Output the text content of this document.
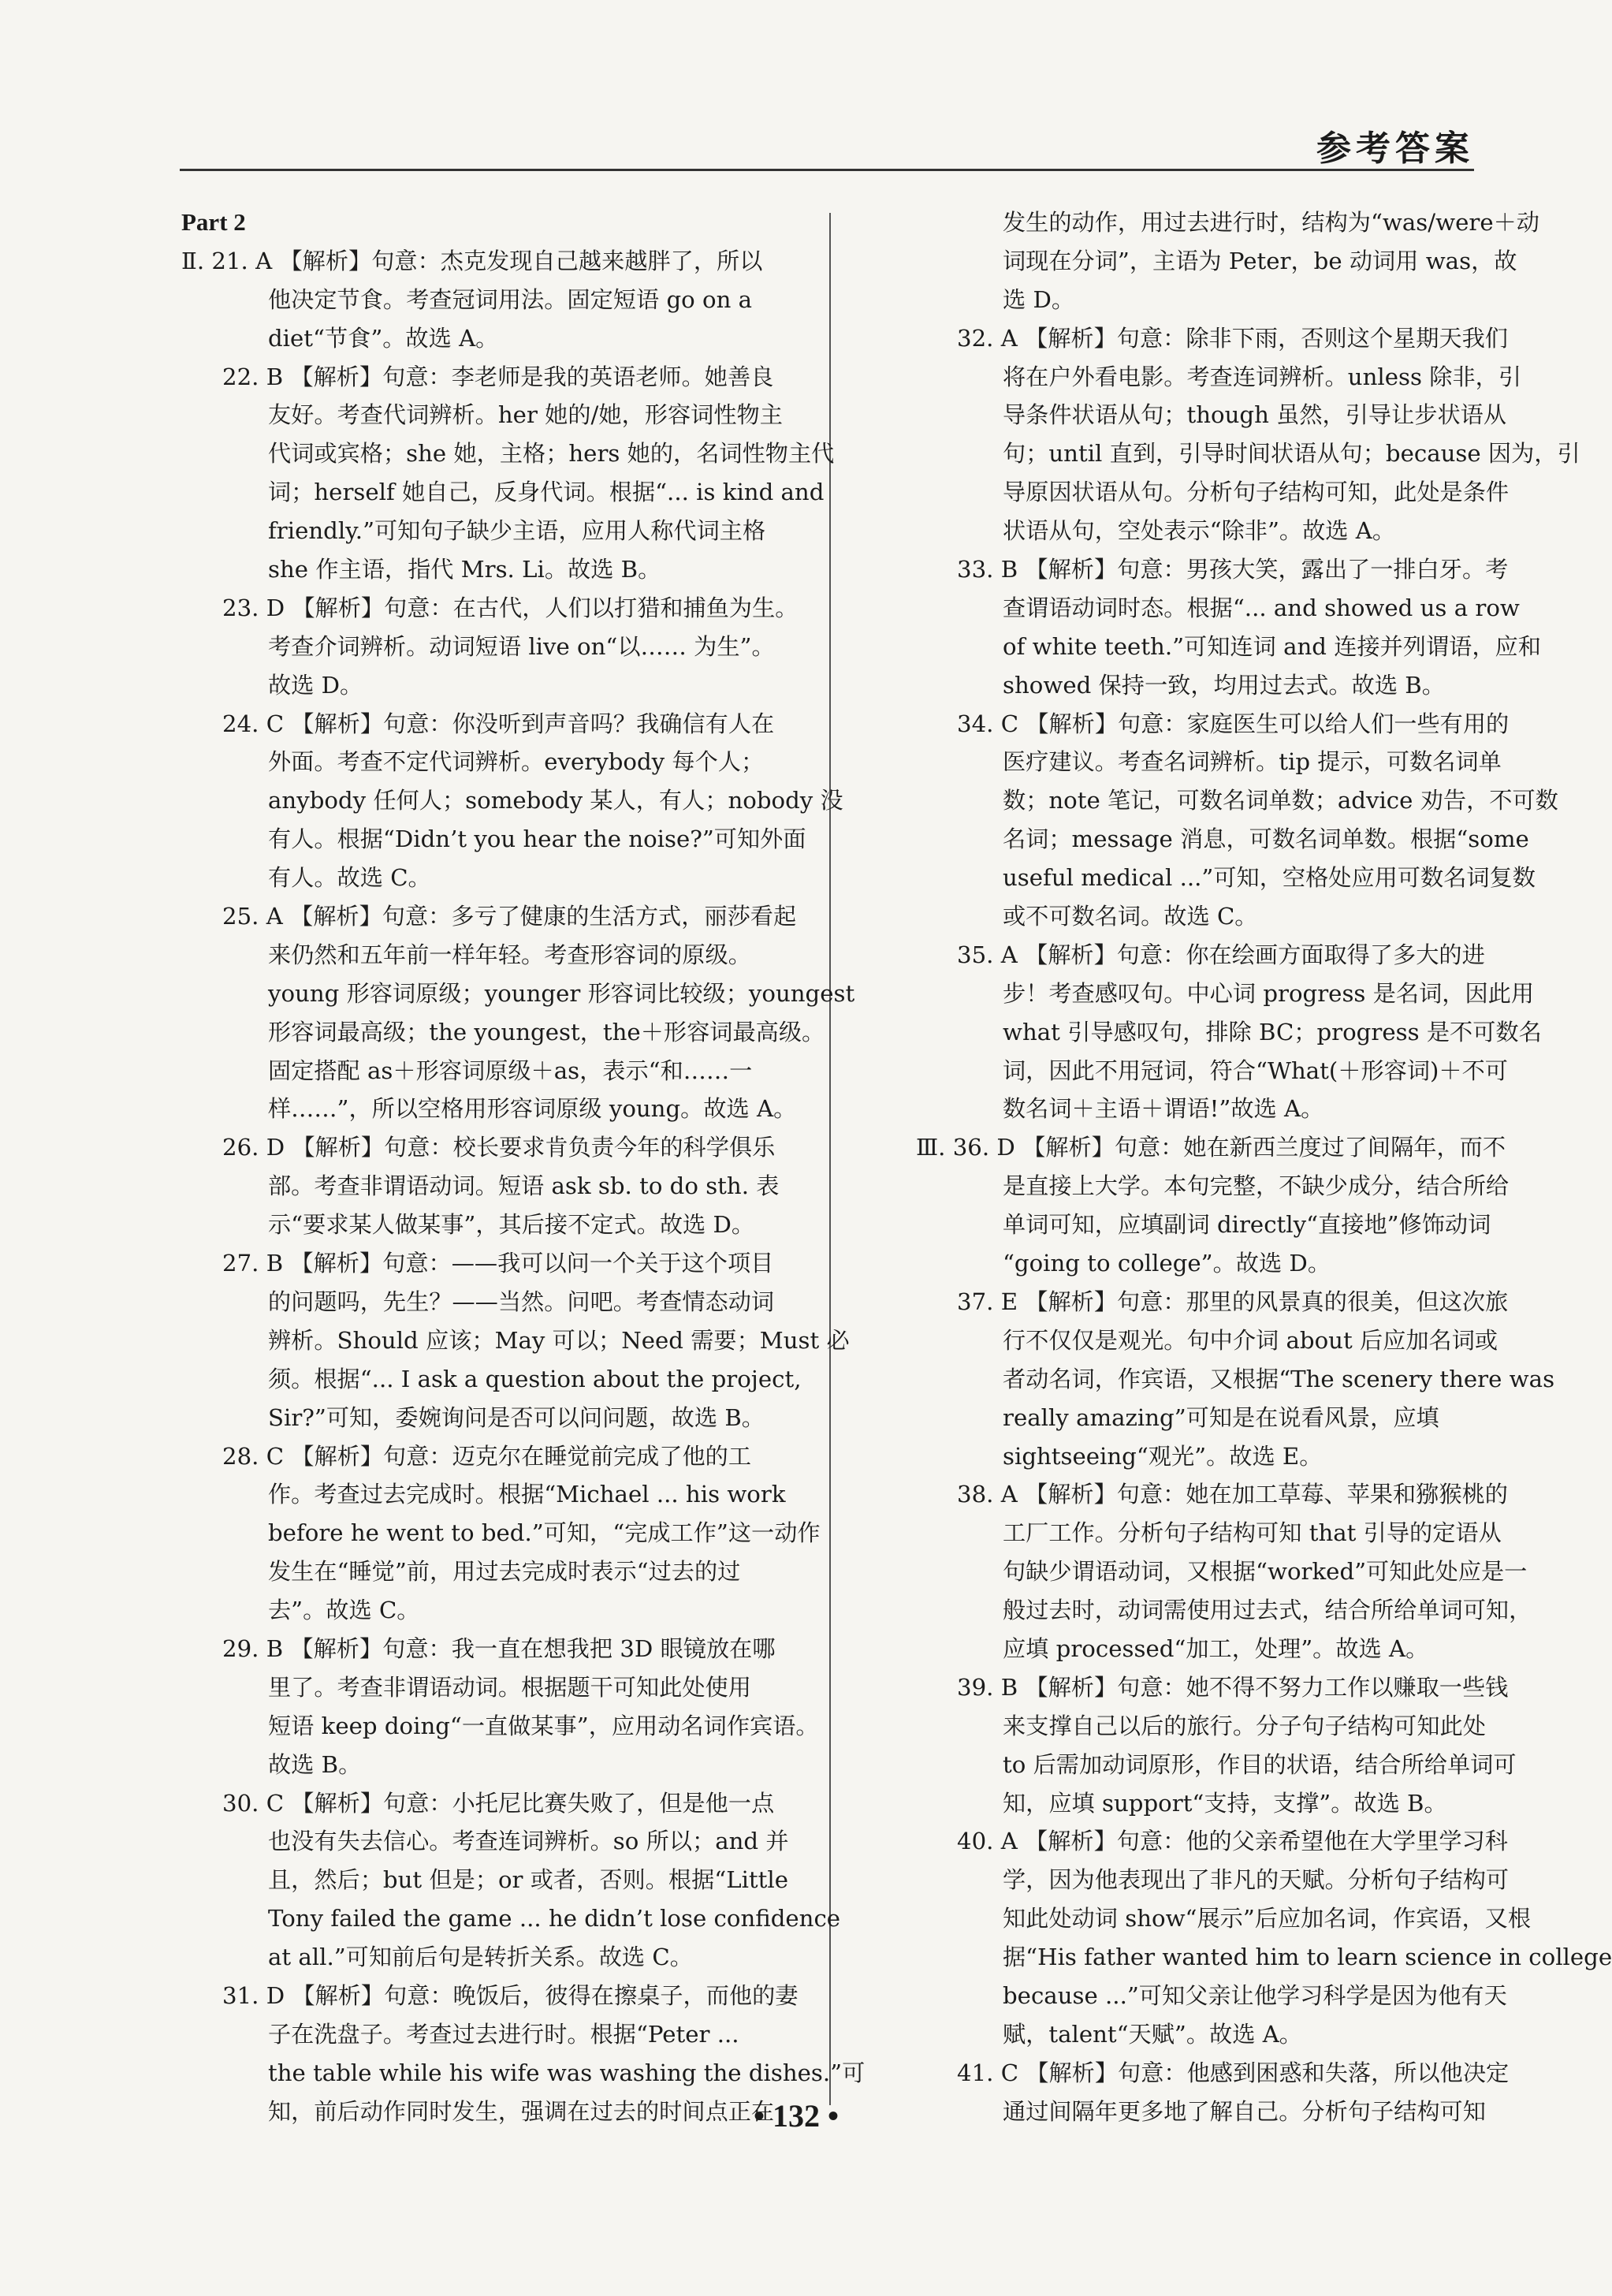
参考答案
Part 2
Ⅱ. 21. A 【解析】句意：杰克发现自己越来越胖了，所以
他决定节食。考查冠词用法。固定短语 go on a
diet“节食”。故选 A。
22. B 【解析】句意：李老师是我的英语老师。她善良
友好。考查代词辨析。her 她的/她，形容词性物主
代词或宾格；she 她，主格；hers 她的，名词性物主代
词；herself 她自己，反身代词。根据“... is kind and
friendly.”可知句子缺少主语，应用人称代词主格
she 作主语，指代 Mrs. Li。故选 B。
23. D 【解析】句意：在古代，人们以打猎和捕鱼为生。
考查介词辨析。动词短语 live on“以…… 为生”。
故选 D。
24. C 【解析】句意：你没听到声音吗？我确信有人在
外面。考查不定代词辨析。everybody 每个人；
anybody 任何人；somebody 某人，有人；nobody 没
有人。根据“Didn’t you hear the noise?”可知外面
有人。故选 C。
25. A 【解析】句意：多亏了健康的生活方式，丽莎看起
来仍然和五年前一样年轻。考查形容词的原级。
young 形容词原级；younger 形容词比较级；youngest
形容词最高级；the youngest，the＋形容词最高级。
固定搭配 as＋形容词原级＋as，表示“和……一
样……”，所以空格用形容词原级 young。故选 A。
26. D 【解析】句意：校长要求肯负责今年的科学俱乐
部。考查非谓语动词。短语 ask sb. to do sth. 表
示“要求某人做某事”，其后接不定式。故选 D。
27. B 【解析】句意：——我可以问一个关于这个项目
的问题吗，先生？——当然。问吧。考查情态动词
辨析。Should 应该；May 可以；Need 需要；Must 必
须。根据“... I ask a question about the project,
Sir?”可知，委婉询问是否可以问问题，故选 B。
28. C 【解析】句意：迈克尔在睡觉前完成了他的工
作。考查过去完成时。根据“Michael ... his work
before he went to bed.”可知，“完成工作”这一动作
发生在“睡觉”前，用过去完成时表示“过去的过
去”。故选 C。
29. B 【解析】句意：我一直在想我把 3D 眼镜放在哪
里了。考查非谓语动词。根据题干可知此处使用
短语 keep doing“一直做某事”，应用动名词作宾语。
故选 B。
30. C 【解析】句意：小托尼比赛失败了，但是他一点
也没有失去信心。考查连词辨析。so 所以；and 并
且，然后；but 但是；or 或者，否则。根据“Little
Tony failed the game ... he didn’t lose confidence
at all.”可知前后句是转折关系。故选 C。
31. D 【解析】句意：晚饭后，彼得在擦桌子，而他的妻
子在洗盘子。考查过去进行时。根据“Peter ...
the table while his wife was washing the dishes.”可
知，前后动作同时发生，强调在过去的时间点正在
发生的动作，用过去进行时，结构为“was/were＋动
词现在分词”，主语为 Peter，be 动词用 was，故
选 D。
32. A 【解析】句意：除非下雨，否则这个星期天我们
将在户外看电影。考查连词辨析。unless 除非，引
导条件状语从句；though 虽然，引导让步状语从
句；until 直到，引导时间状语从句；because 因为，引
导原因状语从句。分析句子结构可知，此处是条件
状语从句，空处表示“除非”。故选 A。
33. B 【解析】句意：男孩大笑，露出了一排白牙。考
查谓语动词时态。根据“... and showed us a row
of white teeth.”可知连词 and 连接并列谓语，应和
showed 保持一致，均用过去式。故选 B。
34. C 【解析】句意：家庭医生可以给人们一些有用的
医疗建议。考查名词辨析。tip 提示，可数名词单
数；note 笔记，可数名词单数；advice 劝告，不可数
名词；message 消息，可数名词单数。根据“some
useful medical ...”可知，空格处应用可数名词复数
或不可数名词。故选 C。
35. A 【解析】句意：你在绘画方面取得了多大的进
步！考查感叹句。中心词 progress 是名词，因此用
what 引导感叹句，排除 BC；progress 是不可数名
词，因此不用冠词，符合“What(＋形容词)＋不可
数名词＋主语＋谓语!”故选 A。
Ⅲ. 36. D 【解析】句意：她在新西兰度过了间隔年，而不
是直接上大学。本句完整，不缺少成分，结合所给
单词可知，应填副词 directly“直接地”修饰动词
“going to college”。故选 D。
37. E 【解析】句意：那里的风景真的很美，但这次旅
行不仅仅是观光。句中介词 about 后应加名词或
者动名词，作宾语，又根据“The scenery there was
really amazing”可知是在说看风景，应填
sightseeing“观光”。故选 E。
38. A 【解析】句意：她在加工草莓、苹果和猕猴桃的
工厂工作。分析句子结构可知 that 引导的定语从
句缺少谓语动词，又根据“worked”可知此处应是一
般过去时，动词需使用过去式，结合所给单词可知，
应填 processed“加工，处理”。故选 A。
39. B 【解析】句意：她不得不努力工作以赚取一些钱
来支撑自己以后的旅行。分子句子结构可知此处
to 后需加动词原形，作目的状语，结合所给单词可
知，应填 support“支持，支撑”。故选 B。
40. A 【解析】句意：他的父亲希望他在大学里学习科
学，因为他表现出了非凡的天赋。分析句子结构可
知此处动词 show“展示”后应加名词，作宾语，又根
据“His father wanted him to learn science in college
because ...”可知父亲让他学习科学是因为他有天
赋，talent“天赋”。故选 A。
41. C 【解析】句意：他感到困惑和失落，所以他决定
通过间隔年更多地了解自己。分析句子结构可知
• 132 •
